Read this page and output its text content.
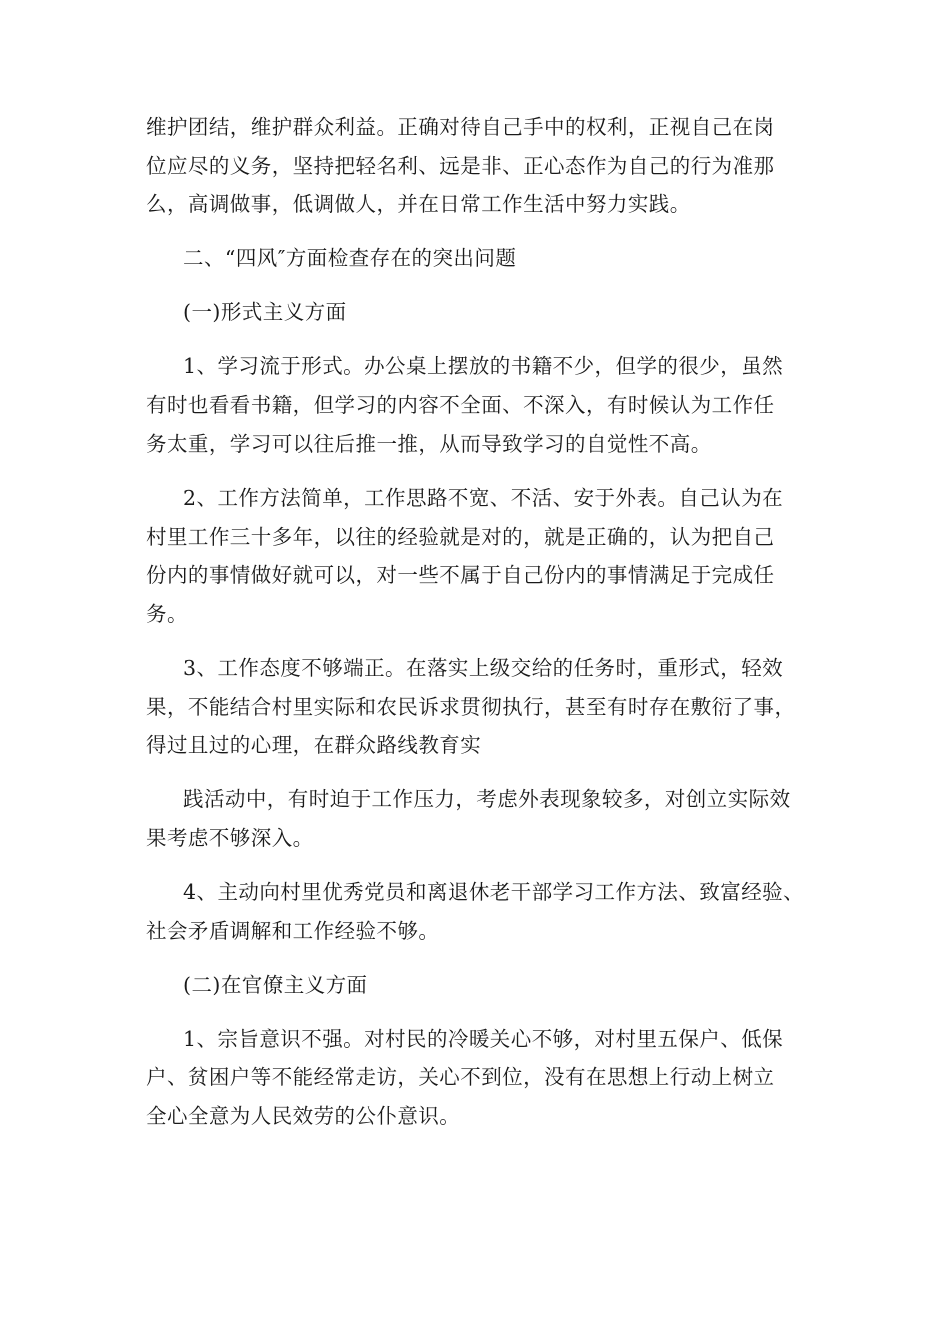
维护团结，维护群众利益。正确对待自己手中的权利，正视自己在岗
位应尽的义务，坚持把轻名利、远是非、正心态作为自己的行为准那
么，高调做事，低调做人，并在日常工作生活中努力实践。

二、“四风″方面检查存在的突出问题

(一)形式主义方面

1、学习流于形式。办公桌上摆放的书籍不少，但学的很少，虽然
有时也看看书籍，但学习的内容不全面、不深入，有时候认为工作任
务太重，学习可以往后推一推，从而导致学习的自觉性不高。

2、工作方法简单，工作思路不宽、不活、安于外表。自己认为在
村里工作三十多年，以往的经验就是对的，就是正确的，认为把自己
份内的事情做好就可以，对一些不属于自己份内的事情满足于完成任
务。

3、工作态度不够端正。在落实上级交给的任务时，重形式，轻效
果，不能结合村里实际和农民诉求贯彻执行，甚至有时存在敷衍了事，
得过且过的心理，在群众路线教育实

践活动中，有时迫于工作压力，考虑外表现象较多，对创立实际效
果考虑不够深入。

4、主动向村里优秀党员和离退休老干部学习工作方法、致富经验、
社会矛盾调解和工作经验不够。

(二)在官僚主义方面

1、宗旨意识不强。对村民的冷暖关心不够，对村里五保户、低保
户、贫困户等不能经常走访，关心不到位，没有在思想上行动上树立
全心全意为人民效劳的公仆意识。
